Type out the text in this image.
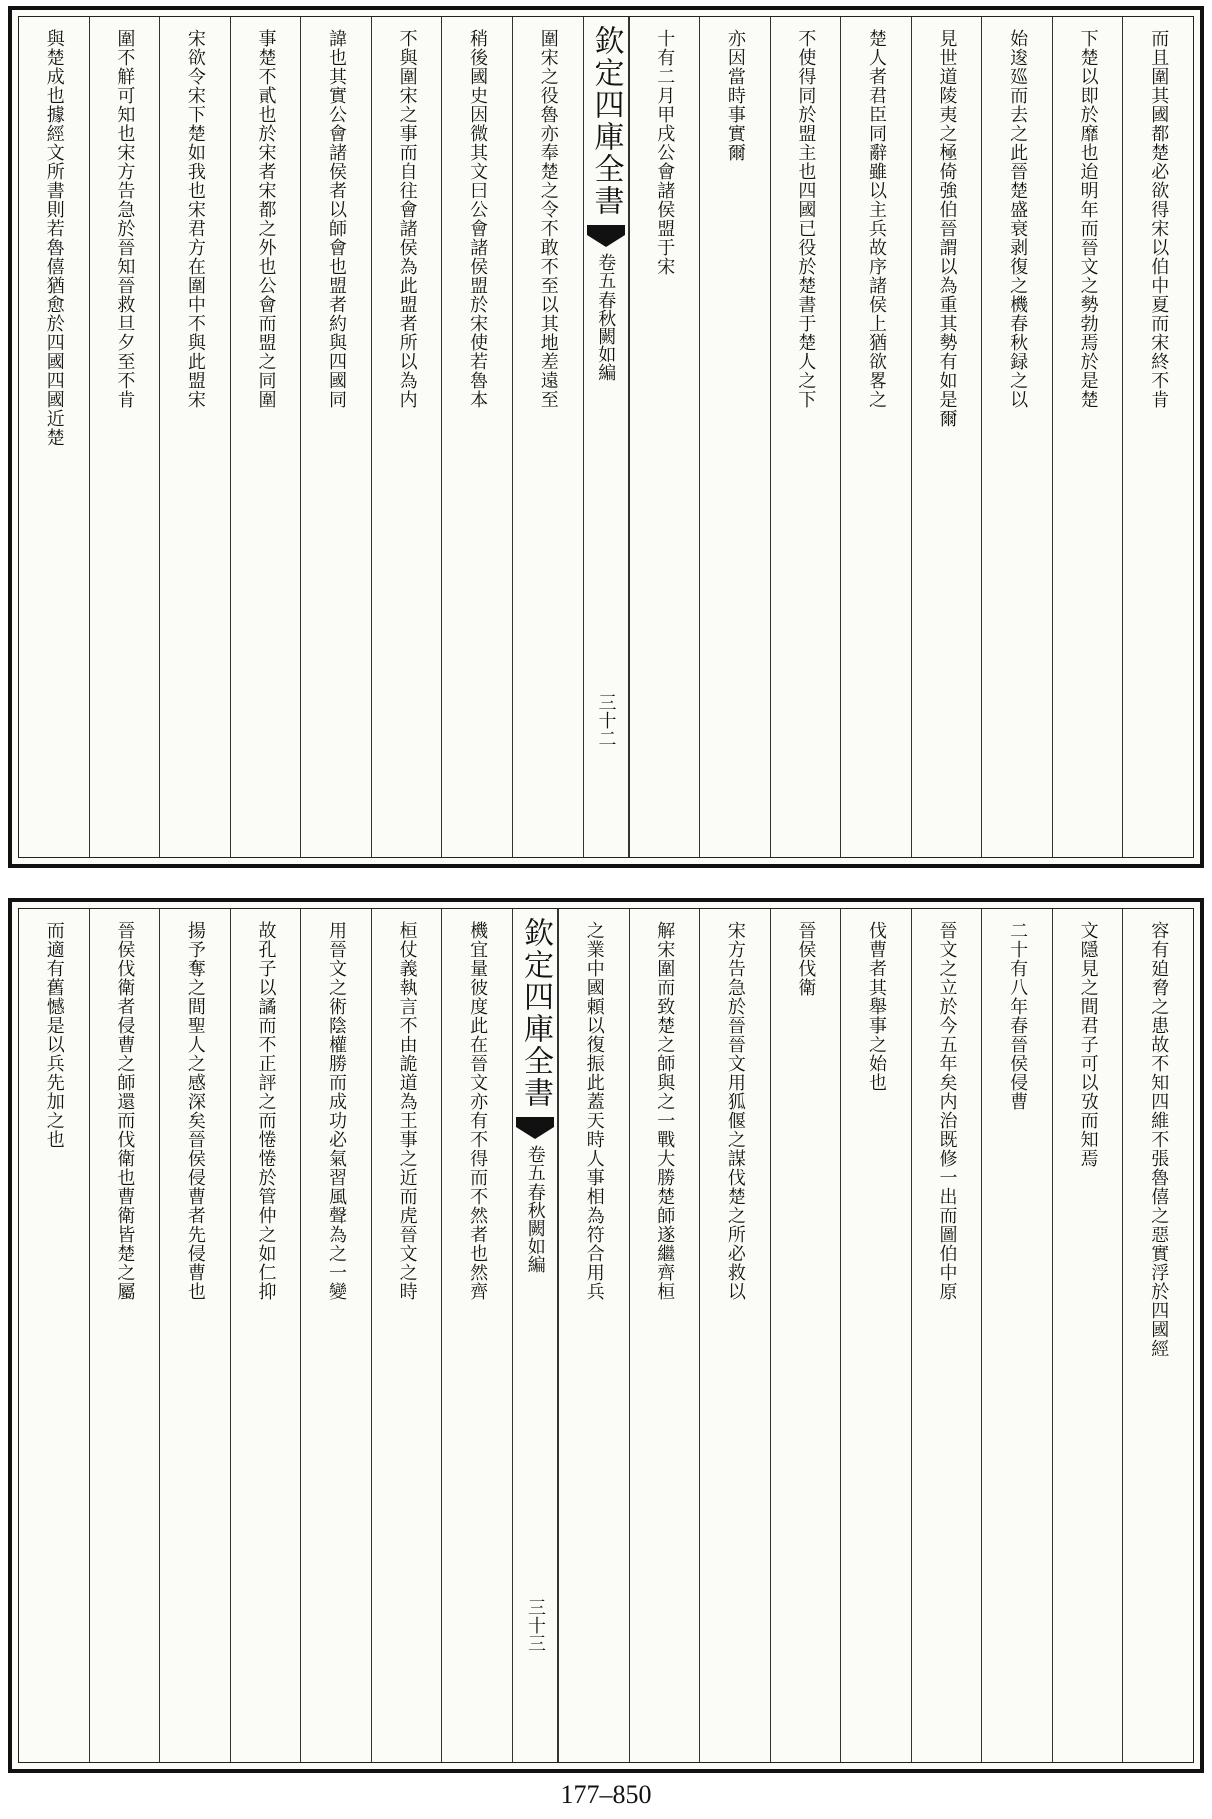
而且圍其國都楚必欲得宋以伯中夏而宋終不肯
下楚以即於靡也迨明年而晉文之勢勃焉於是楚
始逡廵而去之此晉楚盛衰剥復之機春秋録之以
見世道陵夷之極倚強伯晉謂以為重其勢有如是爾
楚人者君臣同辭雖以主兵故序諸侯上猶欲畧之
不使得同於盟主也四國已役於楚書于楚人之下
亦因當時事實爾
十有二月甲戌公會諸侯盟于宋
欽定四庫全書
春秋闕如編
卷五
三十二
圍宋之役魯亦奉楚之令不敢不至以其地差遠至
稍後國史因微其文曰公會諸侯盟於宋使若魯本
不與圍宋之事而自往會諸侯為此盟者所以為内
諱也其實公會諸侯者以師會也盟者約與四國同
事楚不貳也於宋者宋都之外也公會而盟之同圍
宋欲令宋下楚如我也宋君方在圍中不與此盟宋
圍不觧可知也宋方告急於晉知晉救旦夕至不肯
與楚成也據經文所書則若魯僖猶愈於四國四國近楚
容有廹脅之患故不知四維不張魯僖之惡實浮於四國經
文隱見之間君子可以攷而知焉
二十有八年春晉侯侵曹
晉文之立於今五年矣内治既修一出而圖伯中原
伐曹者其舉事之始也
晉侯伐衛
宋方告急於晉晉文用狐偃之謀伐楚之所必救以
解宋圍而致楚之師與之一戰大勝楚師遂繼齊桓
之業中國頼以復振此蓋天時人事相為符合用兵
欽定四庫全書
春秋闕如編
卷五
三十三
機宜量彼度此在晉文亦有不得而不然者也然齊
桓仗義執言不由詭道為王事之近而虎晉文之時
用晉文之術陰權勝而成功必氣習風聲為之一變
故孔子以譎而不正評之而惓惓於管仲之如仁抑
揚予奪之間聖人之感深矣晉侯侵曹者先侵曹也
晉侯伐衛者侵曹之師還而伐衛也曹衛皆楚之屬
而適有舊憾是以兵先加之也
177–850
